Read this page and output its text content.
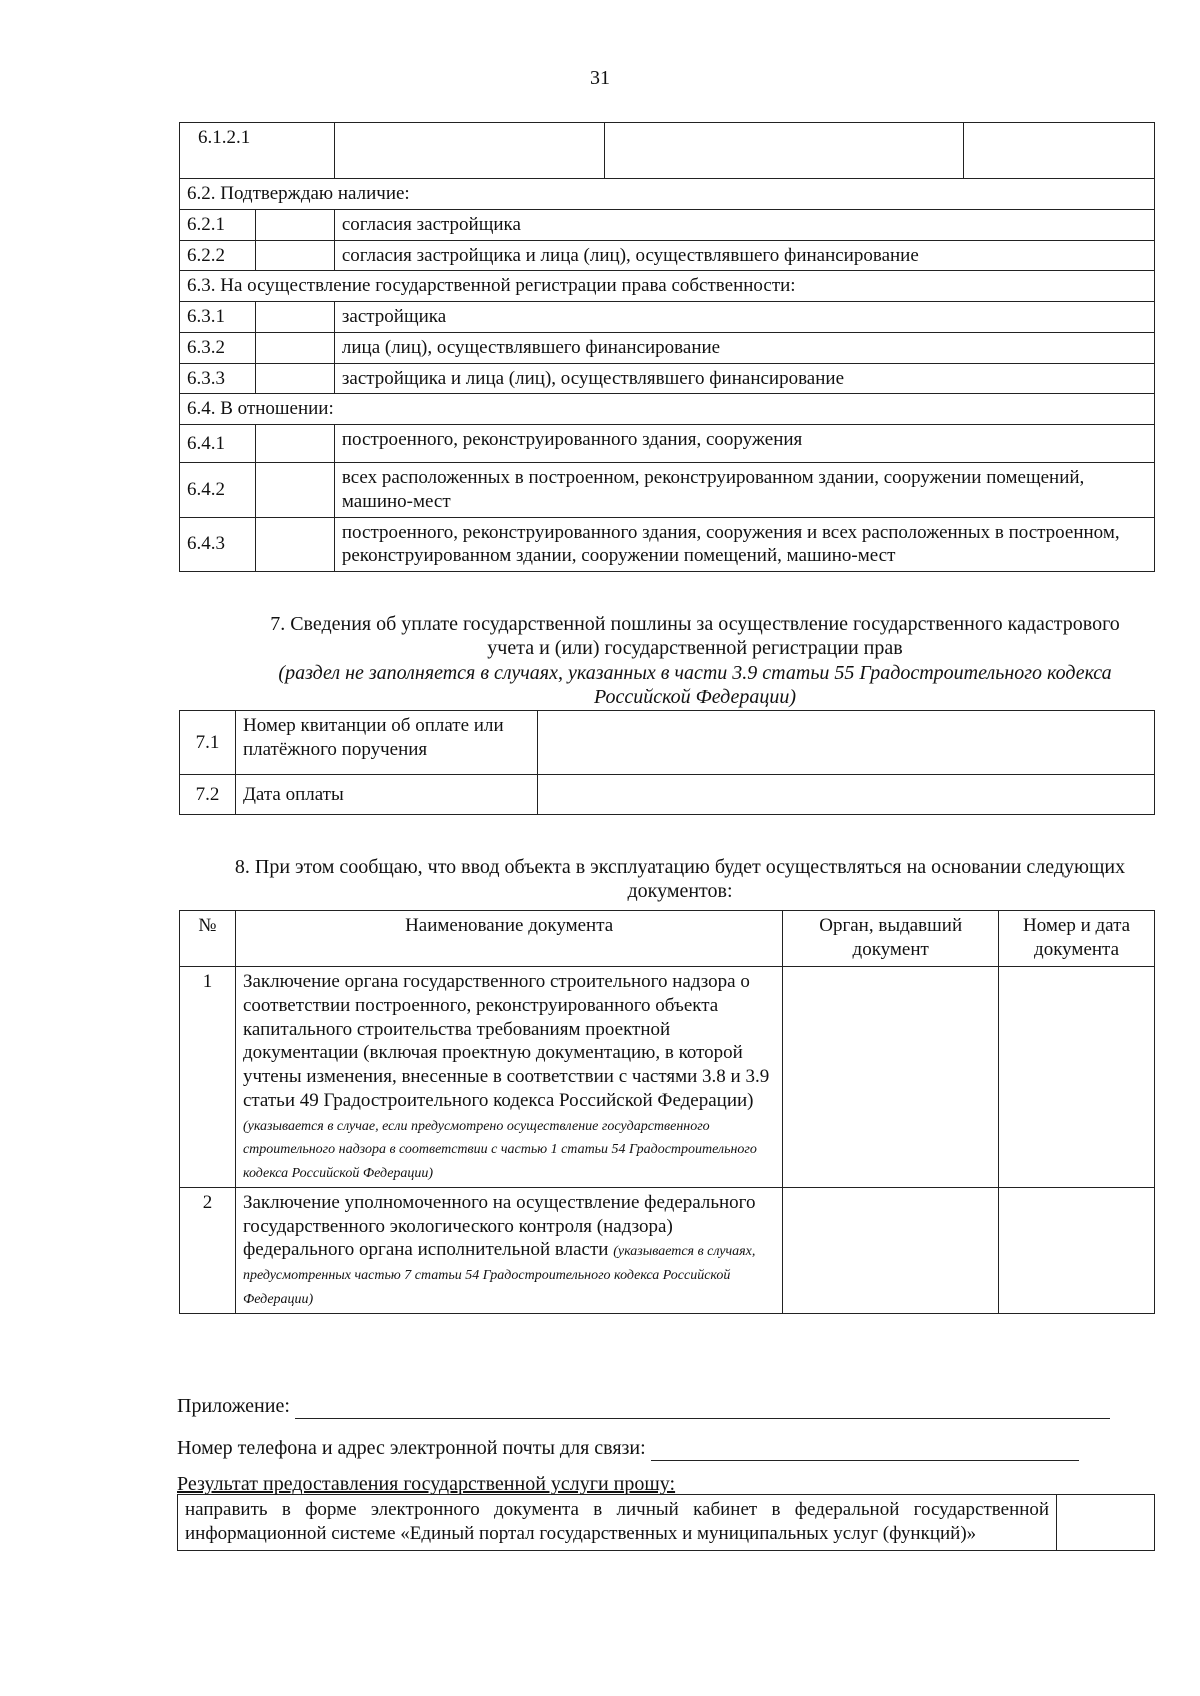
31
6.1.2.1				
6.2. Подтверждаю наличие:				
6.2.1		согласия застройщика		
6.2.2		согласия застройщика и лица (лиц), осуществлявшего финансирование		
6.3. На осуществление государственной регистрации права собственности:				
6.3.1		застройщика		
6.3.2		лица (лиц), осуществлявшего финансирование		
6.3.3		застройщика и лица (лиц), осуществлявшего финансирование		
6.4. В отношении:				
6.4.1		построенного, реконструированного здания, сооружения		
6.4.2		всех расположенных в построенном, реконструированном здании, сооружении помещений, машино-мест		
6.4.3		построенного, реконструированного здания, сооружения и всех расположенных в построенном, реконструированном здании, сооружении помещений, машино-мест		
7. Сведения об уплате государственной пошлины за осуществление государственного кадастрового учета и (или) государственной регистрации прав
(раздел не заполняется в случаях, указанных в части 3.9 статьи 55 Градостроительного кодекса Российской Федерации)
7.1	Номер квитанции об оплате или платёжного поручения	
7.2	Дата оплаты	
8. При этом сообщаю, что ввод объекта в эксплуатацию будет осуществляться на основании следующих документов:
№	Наименование документа	Орган, выдавший документ	Номер и дата документа
1	Заключение органа государственного строительного надзора о соответствии построенного, реконструированного объекта капитального строительства требованиям проектной документации (включая проектную документацию, в которой учтены изменения, внесенные в соответствии с частями 3.8 и 3.9 статьи 49 Градостроительного кодекса Российской Федерации) (указывается в случае, если предусмотрено осуществление государственного строительного надзора в соответствии с частью 1 статьи 54 Градостроительного кодекса Российской Федерации)		
2	Заключение уполномоченного на осуществление федерального государственного экологического контроля (надзора) федерального органа исполнительной власти (указывается в случаях, предусмотренных частью 7 статьи 54 Градостроительного кодекса Российской Федерации)		
Приложение:
Номер телефона и адрес электронной почты для связи:
Результат предоставления государственной услуги прошу:
направить в форме электронного документа в личный кабинет в федеральной государственной информационной системе «Единый портал государственных и муниципальных услуг (функций)»	
